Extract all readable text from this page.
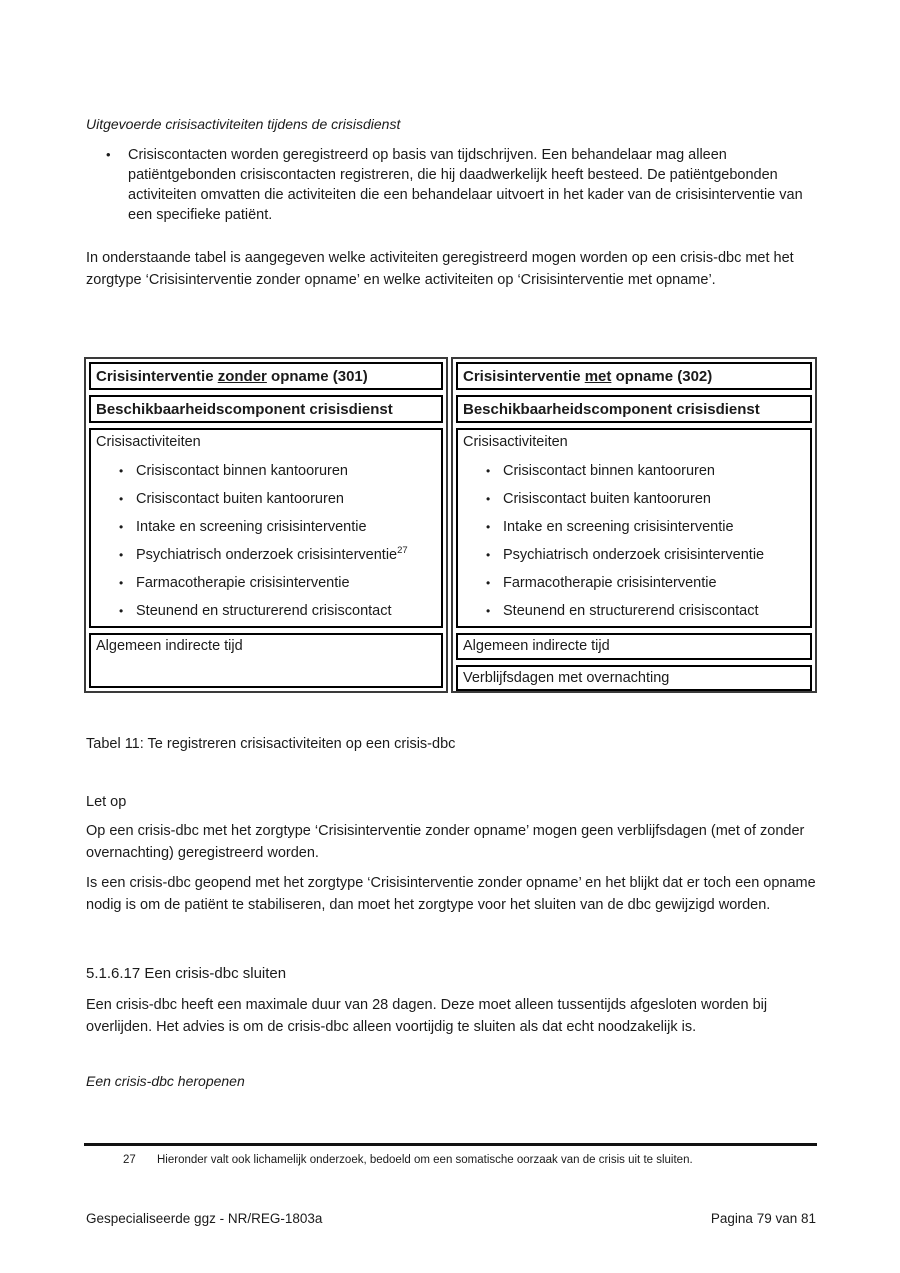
Uitgevoerde crisisactiviteiten tijdens de crisisdienst
• Crisiscontacten worden geregistreerd op basis van tijdschrijven. Een behandelaar mag alleen patiëntgebonden crisiscontacten registreren, die hij daadwerkelijk heeft besteed. De patiëntgebonden activiteiten omvatten die activiteiten die een behandelaar uitvoert in het kader van de crisisinterventie van een specifieke patiënt.
In onderstaande tabel is aangegeven welke activiteiten geregistreerd mogen worden op een crisis-dbc met het zorgtype ‘Crisisinterventie zonder opname’ en welke activiteiten op ‘Crisisinterventie met opname’.
Crisisinterventie zonder opname (301)
Beschikbaarheidscomponent crisisdienst
Crisisactiviteiten
• Crisiscontact binnen kantooruren
• Crisiscontact buiten kantooruren
• Intake en screening crisisinterventie
• Psychiatrisch onderzoek crisisinterventie$^{27}$
• Farmacotherapie crisisinterventie
• Steunend en structurerend crisiscontact
Algemeen indirecte tijd
Crisisinterventie met opname (302)
Beschikbaarheidscomponent crisisdienst
Crisisactiviteiten
• Crisiscontact binnen kantooruren
• Crisiscontact buiten kantooruren
• Intake en screening crisisinterventie
• Psychiatrisch onderzoek crisisinterventie
• Farmacotherapie crisisinterventie
• Steunend en structurerend crisiscontact
Algemeen indirecte tijd
Verblijfsdagen met overnachting
Tabel 11: Te registreren crisisactiviteiten op een crisis-dbc
Let op
Op een crisis-dbc met het zorgtype ‘Crisisinterventie zonder opname’ mogen geen verblijfsdagen (met of zonder overnachting) geregistreerd worden.
Is een crisis-dbc geopend met het zorgtype ‘Crisisinterventie zonder opname’ en het blijkt dat er toch een opname nodig is om de patiënt te stabiliseren, dan moet het zorgtype voor het sluiten van de dbc gewijzigd worden.
5.1.6.17 Een crisis-dbc sluiten
Een crisis-dbc heeft een maximale duur van 28 dagen. Deze moet alleen tussentijds afgesloten worden bij overlijden. Het advies is om de crisis-dbc alleen voortijdig te sluiten als dat echt noodzakelijk is.
Een crisis-dbc heropenen
27	Hieronder valt ook lichamelijk onderzoek, bedoeld om een somatische oorzaak van de crisis uit te sluiten.
Gespecialiseerde ggz - NR/REG-1803a	Pagina 79 van 81
